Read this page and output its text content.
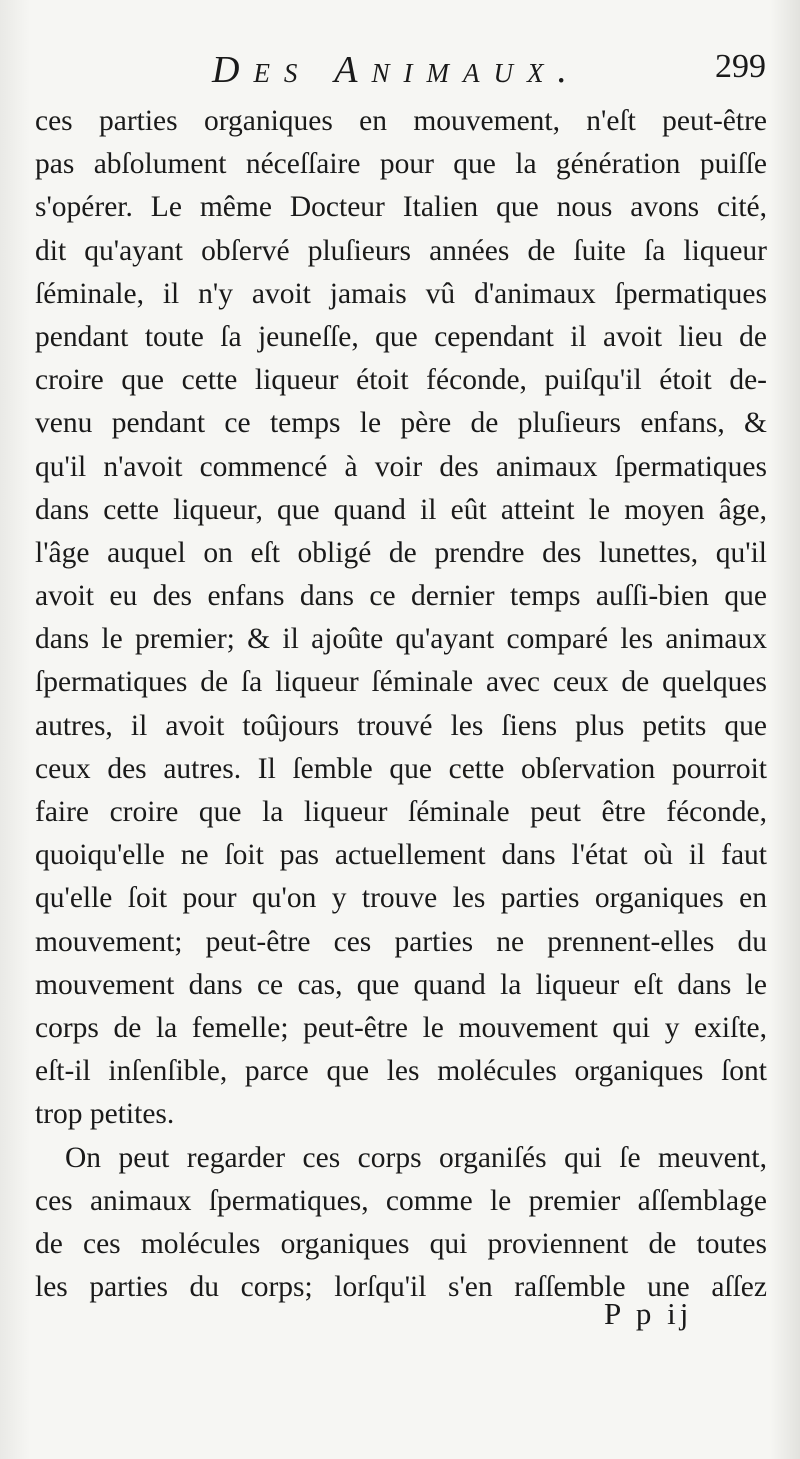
Des Animaux.	299
ces parties organiques en mouvement, n'eſt peut-être
pas abſolument néceſſaire pour que la génération puiſſe
s'opérer. Le même Docteur Italien que nous avons cité,
dit qu'ayant obſervé pluſieurs années de ſuite ſa liqueur
ſéminale, il n'y avoit jamais vû d'animaux ſpermatiques
pendant toute ſa jeuneſſe, que cependant il avoit lieu de
croire que cette liqueur étoit féconde, puiſqu'il étoit de-
venu pendant ce temps le père de pluſieurs enfans, &
qu'il n'avoit commencé à voir des animaux ſpermatiques
dans cette liqueur, que quand il eût atteint le moyen âge,
l'âge auquel on eſt obligé de prendre des lunettes, qu'il
avoit eu des enfans dans ce dernier temps auſſi-bien que
dans le premier; & il ajoûte qu'ayant comparé les animaux
ſpermatiques de ſa liqueur ſéminale avec ceux de quelques
autres, il avoit toûjours trouvé les ſiens plus petits que
ceux des autres. Il ſemble que cette obſervation pourroit
faire croire que la liqueur ſéminale peut être féconde,
quoiqu'elle ne ſoit pas actuellement dans l'état où il faut
qu'elle ſoit pour qu'on y trouve les parties organiques en
mouvement; peut-être ces parties ne prennent-elles du
mouvement dans ce cas, que quand la liqueur eſt dans le
corps de la femelle; peut-être le mouvement qui y exiſte,
eſt-il inſenſible, parce que les molécules organiques ſont
trop petites.
On peut regarder ces corps organiſés qui ſe meuvent,
ces animaux ſpermatiques, comme le premier aſſemblage
de ces molécules organiques qui proviennent de toutes
les parties du corps; lorſqu'il s'en raſſemble une aſſez
P p ij
